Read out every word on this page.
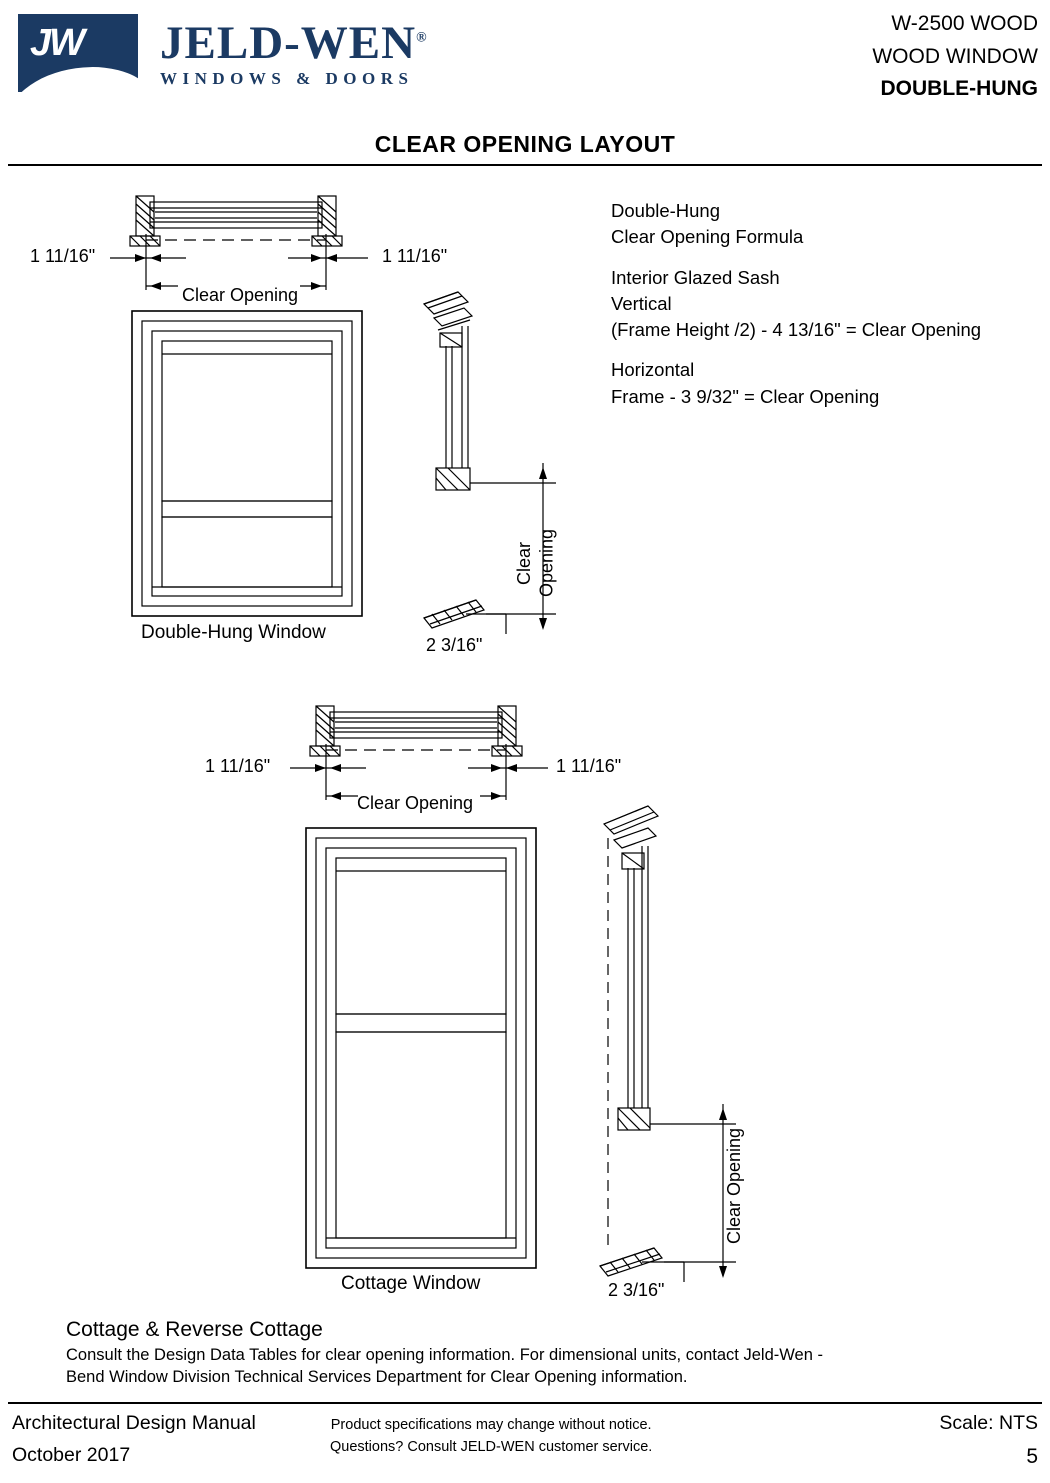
JW JELD-WEN®
WINDOWS & DOORS
W-2500 WOOD
WOOD WINDOW
DOUBLE-HUNG
CLEAR OPENING LAYOUT
Double-Hung
Clear Opening Formula
Interior Glazed Sash
Vertical
(Frame Height /2) - 4 13/16" = Clear Opening
Horizontal
Frame - 3 9/32" = Clear Opening
1 11/16"	1 11/16"
Clear Opening
Double-Hung Window
2 3/16"
Clear Opening
1 11/16"	1 11/16"
Clear Opening
Cottage Window	2 3/16"
Clear Opening
Cottage & Reverse Cottage
Consult the Design Data Tables for clear opening information. For dimensional units, contact Jeld-Wen -
Bend Window Division Technical Services Department for Clear Opening information.
Architectural Design Manual
October 2017
Product specifications may change without notice.
Questions? Consult JELD-WEN customer service.
Scale: NTS
5
